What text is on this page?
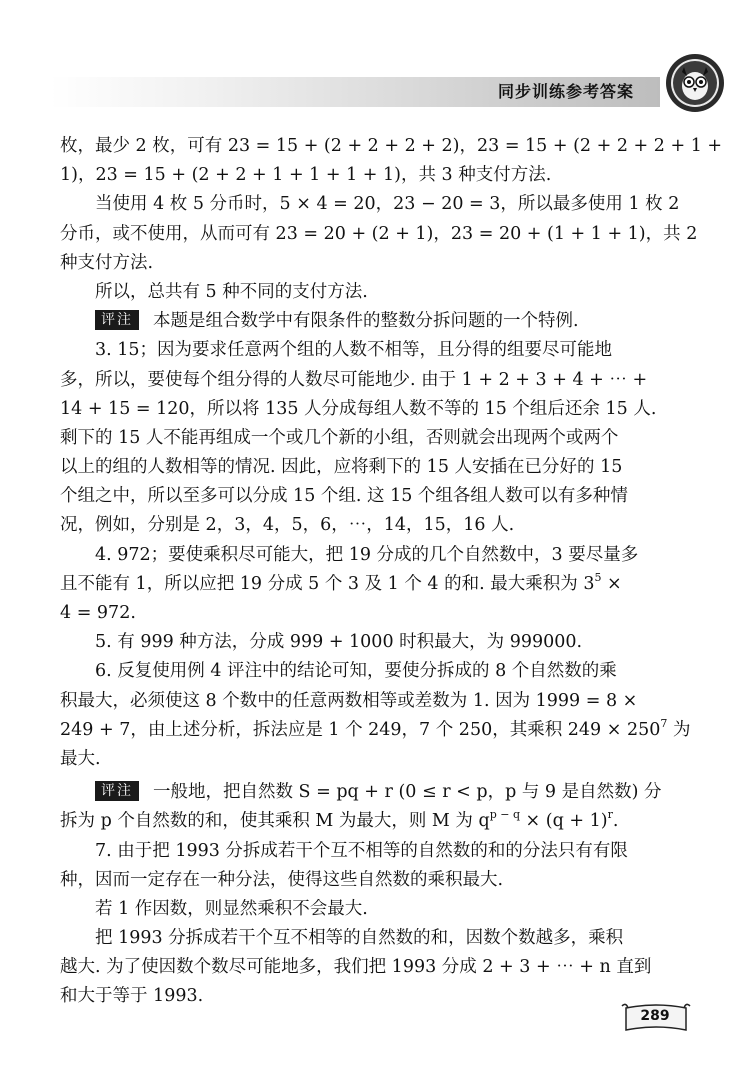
同步训练参考答案
枚，最少 2 枚，可有 23 = 15 + (2 + 2 + 2 + 2)，23 = 15 + (2 + 2 + 2 + 1 +
1)，23 = 15 + (2 + 2 + 1 + 1 + 1 + 1)，共 3 种支付方法.
当使用 4 枚 5 分币时，5 × 4 = 20，23 − 20 = 3，所以最多使用 1 枚 2
分币，或不使用，从而可有 23 = 20 + (2 + 1)，23 = 20 + (1 + 1 + 1)，共 2
种支付方法.
所以，总共有 5 种不同的支付方法.
评注 本题是组合数学中有限条件的整数分拆问题的一个特例.
3. 15；因为要求任意两个组的人数不相等，且分得的组要尽可能地
多，所以，要使每个组分得的人数尽可能地少. 由于 1 + 2 + 3 + 4 + ⋯ +
14 + 15 = 120，所以将 135 人分成每组人数不等的 15 个组后还余 15 人.
剩下的 15 人不能再组成一个或几个新的小组，否则就会出现两个或两个
以上的组的人数相等的情况. 因此，应将剩下的 15 人安插在已分好的 15
个组之中，所以至多可以分成 15 个组. 这 15 个组各组人数可以有多种情
况，例如，分别是 2，3，4，5，6，⋯，14，15，16 人.
4. 972；要使乘积尽可能大，把 19 分成的几个自然数中，3 要尽量多
且不能有 1，所以应把 19 分成 5 个 3 及 1 个 4 的和. 最大乘积为 $3^5$ ×
4 = 972.
5. 有 999 种方法，分成 999 + 1000 时积最大，为 999000.
6. 反复使用例 4 评注中的结论可知，要使分拆成的 8 个自然数的乘
积最大，必须使这 8 个数中的任意两数相等或差数为 1. 因为 1999 = 8 ×
249 + 7，由上述分析，拆法应是 1 个 249，7 个 250，其乘积 $249 \times 250^7$ 为
最大.
评注 一般地，把自然数 S = pq + r (0 ≤ r < p，p 与 9 是自然数) 分
拆为 p 个自然数的和，使其乘积 M 为最大，则 M 为 $q^{p - q} \times (q + 1)^r$.
7. 由于把 1993 分拆成若干个互不相等的自然数的和的分法只有有限
种，因而一定存在一种分法，使得这些自然数的乘积最大.
若 1 作因数，则显然乘积不会最大.
把 1993 分拆成若干个互不相等的自然数的和，因数个数越多，乘积
越大. 为了使因数个数尽可能地多，我们把 1993 分成 2 + 3 + ⋯ + n 直到
和大于等于 1993.
289
